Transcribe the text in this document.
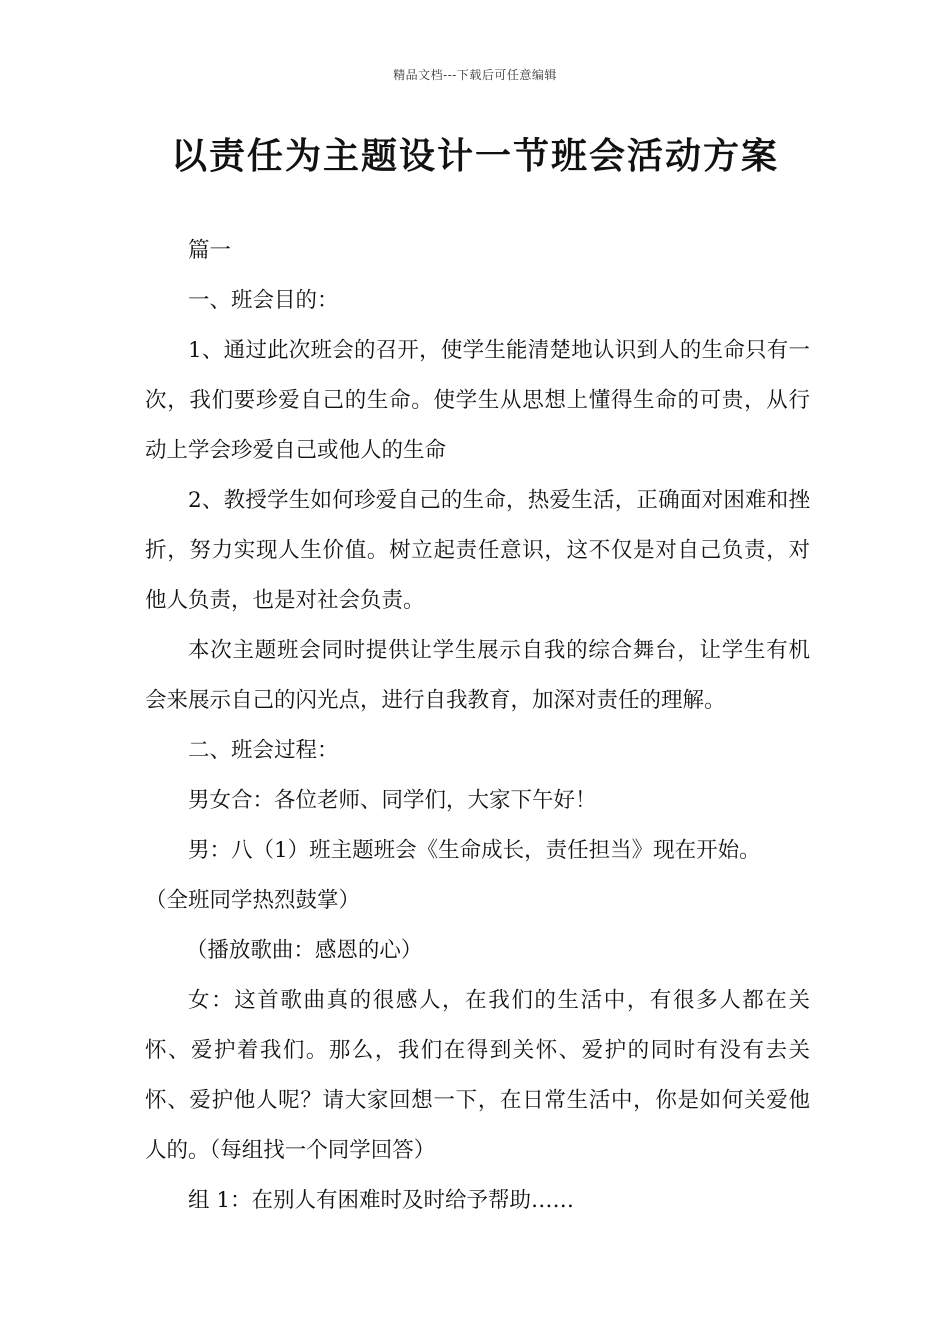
精品文档---下载后可任意编辑
以责任为主题设计一节班会活动方案

篇一

一、班会目的：

1、通过此次班会的召开，使学生能清楚地认识到人的生命只有一次，我们要珍爱自己的生命。使学生从思想上懂得生命的可贵，从行动上学会珍爱自己或他人的生命

2、教授学生如何珍爱自己的生命，热爱生活，正确面对困难和挫折，努力实现人生价值。树立起责任意识，这不仅是对自己负责，对他人负责，也是对社会负责。

本次主题班会同时提供让学生展示自我的综合舞台，让学生有机会来展示自己的闪光点，进行自我教育，加深对责任的理解。

二、班会过程：

男女合：各位老师、同学们，大家下午好！

男：八（1）班主题班会《生命成长，责任担当》现在开始。

（全班同学热烈鼓掌）

（播放歌曲：感恩的心）

女：这首歌曲真的很感人，在我们的生活中，有很多人都在关怀、爱护着我们。那么，我们在得到关怀、爱护的同时有没有去关怀、爱护他人呢？请大家回想一下，在日常生活中，你是如何关爱他人的。（每组找一个同学回答）

组 1：在别人有困难时及时给予帮助……
